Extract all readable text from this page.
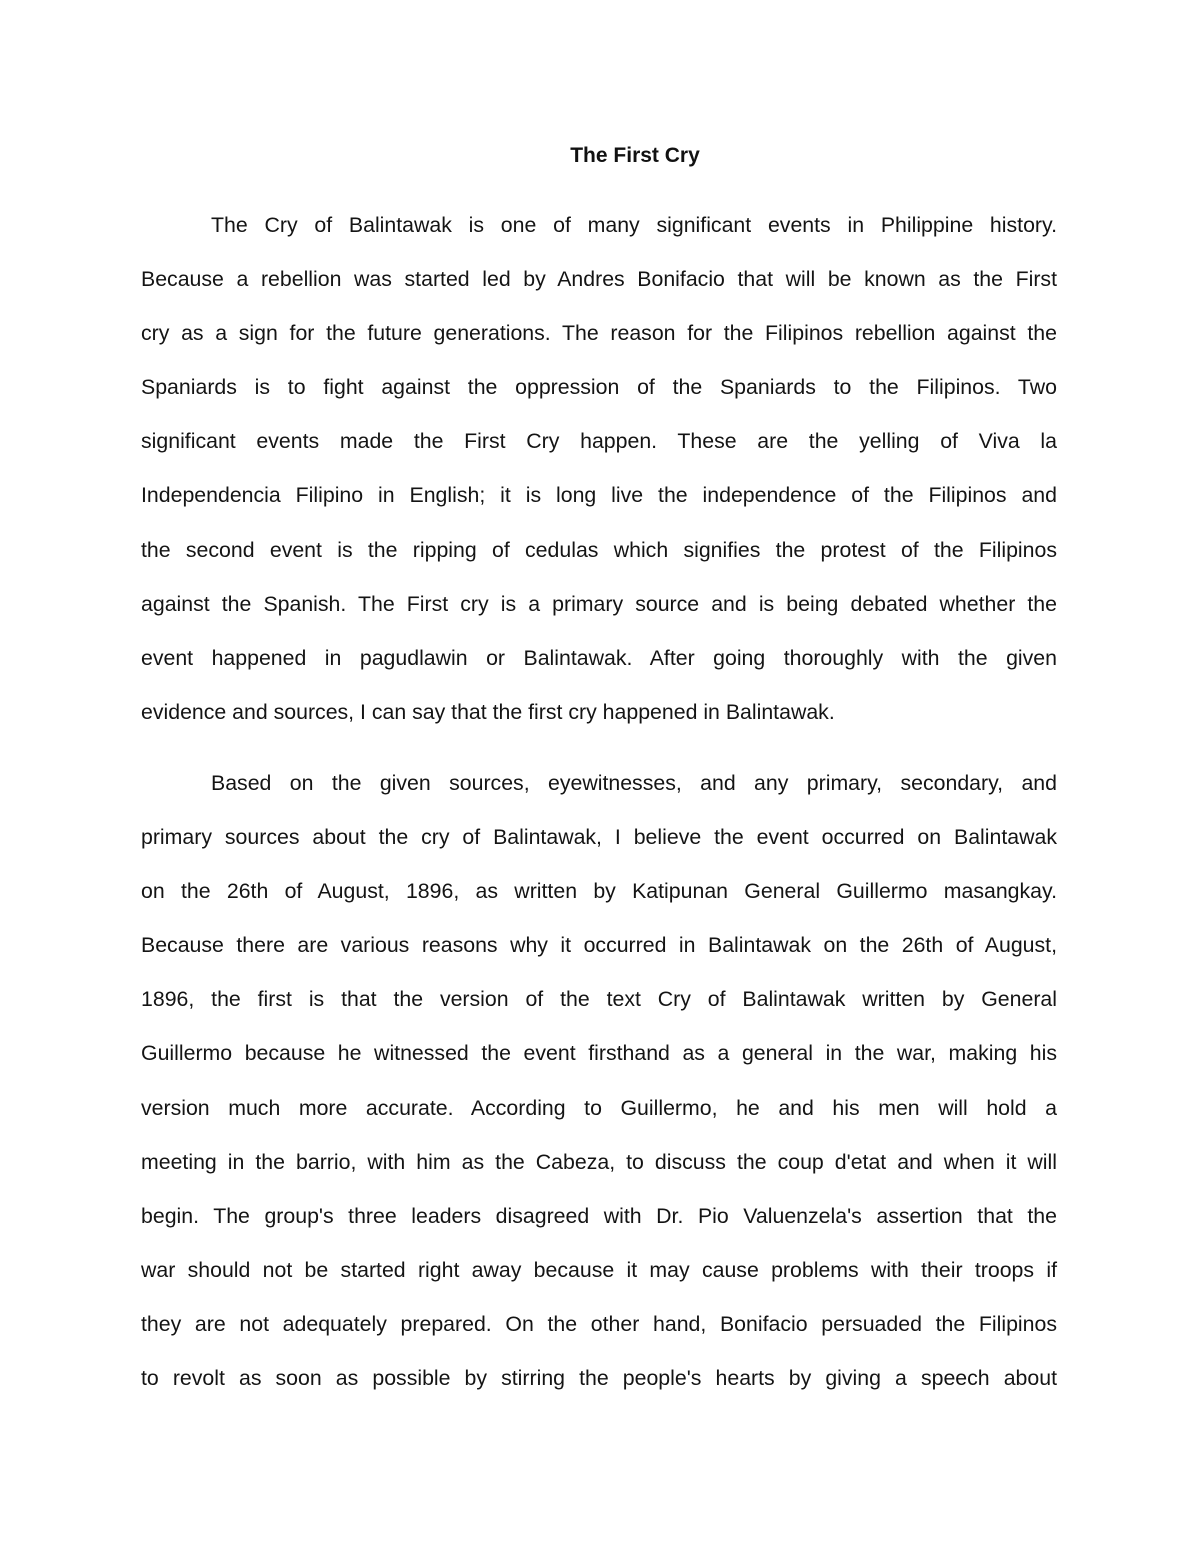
The First Cry
The Cry of Balintawak is one of many significant events in Philippine history.
Because a rebellion was started led by Andres Bonifacio that will be known as the First
cry as a sign for the future generations. The reason for the Filipinos rebellion against the
Spaniards is to fight against the oppression of the Spaniards to the Filipinos. Two
significant events made the First Cry happen. These are the yelling of Viva la
Independencia Filipino in English; it is long live the independence of the Filipinos and
the second event is the ripping of cedulas which signifies the protest of the Filipinos
against the Spanish. The First cry is a primary source and is being debated whether the
event happened in pagudlawin or Balintawak. After going thoroughly with the given
evidence and sources, I can say that the first cry happened in Balintawak.
Based on the given sources, eyewitnesses, and any primary, secondary, and
primary sources about the cry of Balintawak, I believe the event occurred on Balintawak
on the 26th of August, 1896, as written by Katipunan General Guillermo masangkay.
Because there are various reasons why it occurred in Balintawak on the 26th of August,
1896, the first is that the version of the text Cry of Balintawak written by General
Guillermo because he witnessed the event firsthand as a general in the war, making his
version much more accurate. According to Guillermo, he and his men will hold a
meeting in the barrio, with him as the Cabeza, to discuss the coup d'etat and when it will
begin. The group's three leaders disagreed with Dr. Pio Valuenzela's assertion that the
war should not be started right away because it may cause problems with their troops if
they are not adequately prepared. On the other hand, Bonifacio persuaded the Filipinos
to revolt as soon as possible by stirring the people's hearts by giving a speech about
